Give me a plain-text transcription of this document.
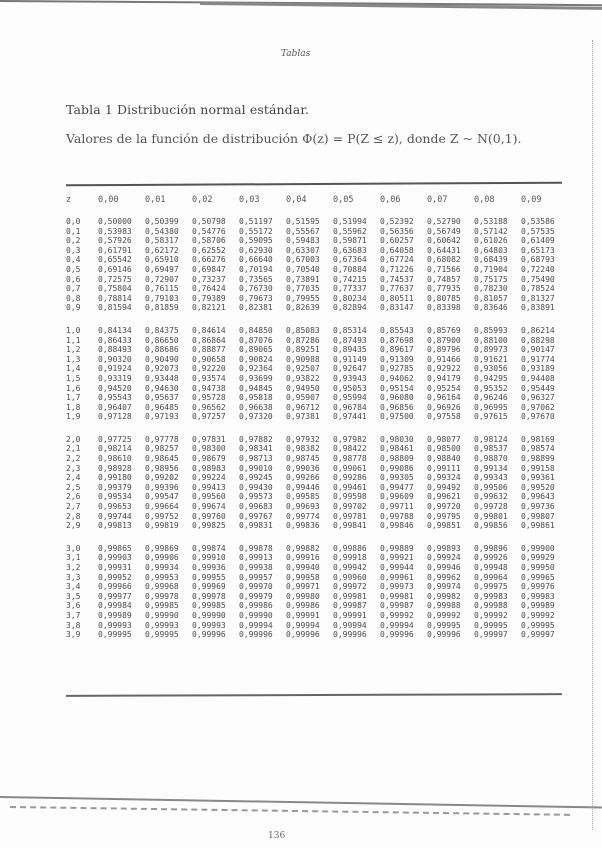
Tablas
Tabla 1 Distribución normal estándar.
Valores de la función de distribución Φ(z) = P(Z ≤ z), donde Z ~ N(0,1).
z	0,00	0,01	0,02	0,03	0,04	0,05	0,06	0,07	0,08	0,09

0,0	0,50000	0,50399	0,50798	0,51197	0,51595	0,51994	0,52392	0,52790	0,53188	0,53586
0,1	0,53983	0,54380	0,54776	0,55172	0,55567	0,55962	0,56356	0,56749	0,57142	0,57535
0,2	0,57926	0,58317	0,58706	0,59095	0,59483	0,59871	0,60257	0,60642	0,61026	0,61409
0,3	0,61791	0,62172	0,62552	0,62930	0,63307	0,63683	0,64058	0,64431	0,64803	0,65173
0,4	0,65542	0,65910	0,66276	0,66640	0,67003	0,67364	0,67724	0,68082	0,68439	0,68793
0,5	0,69146	0,69497	0,69847	0,70194	0,70540	0,70884	0,71226	0,71566	0,71904	0,72240
0,6	0,72575	0,72907	0,73237	0,73565	0,73891	0,74215	0,74537	0,74857	0,75175	0,75490
0,7	0,75804	0,76115	0,76424	0,76730	0,77035	0,77337	0,77637	0,77935	0,78230	0,78524
0,8	0,78814	0,79103	0,79389	0,79673	0,79955	0,80234	0,80511	0,80785	0,81057	0,81327
0,9	0,81594	0,81859	0,82121	0,82381	0,82639	0,82894	0,83147	0,83398	0,83646	0,83891

1,0	0,84134	0,84375	0,84614	0,84850	0,85083	0,85314	0,85543	0,85769	0,85993	0,86214
1,1	0,86433	0,86650	0,86864	0,87076	0,87286	0,87493	0,87698	0,87900	0,88100	0,88298
1,2	0,88493	0,88686	0,88877	0,89065	0,89251	0,89435	0,89617	0,89796	0,89973	0,90147
1,3	0,90320	0,90490	0,90658	0,90824	0,90988	0,91149	0,91309	0,91466	0,91621	0,91774
1,4	0,91924	0,92073	0,92220	0,92364	0,92507	0,92647	0,92785	0,92922	0,93056	0,93189
1,5	0,93319	0,93448	0,93574	0,93699	0,93822	0,93943	0,94062	0,94179	0,94295	0,94408
1,6	0,94520	0,94630	0,94738	0,94845	0,94950	0,95053	0,95154	0,95254	0,95352	0,95449
1,7	0,95543	0,95637	0,95728	0,95818	0,95907	0,95994	0,96080	0,96164	0,96246	0,96327
1,8	0,96407	0,96485	0,96562	0,96638	0,96712	0,96784	0,96856	0,96926	0,96995	0,97062
1,9	0,97128	0,97193	0,97257	0,97320	0,97381	0,97441	0,97500	0,97558	0,97615	0,97670

2,0	0,97725	0,97778	0,97831	0,97882	0,97932	0,97982	0,98030	0,98077	0,98124	0,98169
2,1	0,98214	0,98257	0,98300	0,98341	0,98382	0,98422	0,98461	0,98500	0,98537	0,98574
2,2	0,98610	0,98645	0,98679	0,98713	0,98745	0,98778	0,98809	0,98840	0,98870	0,98899
2,3	0,98928	0,98956	0,98983	0,99010	0,99036	0,99061	0,99086	0,99111	0,99134	0,99158
2,4	0,99180	0,99202	0,99224	0,99245	0,99266	0,99286	0,99305	0,99324	0,99343	0,99361
2,5	0,99379	0,99396	0,99413	0,99430	0,99446	0,99461	0,99477	0,99492	0,99506	0,99520
2,6	0,99534	0,99547	0,99560	0,99573	0,99585	0,99598	0,99609	0,99621	0,99632	0,99643
2,7	0,99653	0,99664	0,99674	0,99683	0,99693	0,99702	0,99711	0,99720	0,99728	0,99736
2,8	0,99744	0,99752	0,99760	0,99767	0,99774	0,99781	0,99788	0,99795	0,99801	0,99807
2,9	0,99813	0,99819	0,99825	0,99831	0,99836	0,99841	0,99846	0,99851	0,99856	0,99861

3,0	0,99865	0,99869	0,99874	0,99878	0,99882	0,99886	0,99889	0,99893	0,99896	0,99900
3,1	0,99903	0,99906	0,99910	0,99913	0,99916	0,99918	0,99921	0,99924	0,99926	0,99929
3,2	0,99931	0,99934	0,99936	0,99938	0,99940	0,99942	0,99944	0,99946	0,99948	0,99950
3,3	0,99952	0,99953	0,99955	0,99957	0,99958	0,99960	0,99961	0,99962	0,99964	0,99965
3,4	0,99966	0,99968	0,99969	0,99970	0,99971	0,99972	0,99973	0,99974	0,99975	0,99976
3,5	0,99977	0,99978	0,99978	0,99979	0,99980	0,99981	0,99981	0,99982	0,99983	0,99983
3,6	0,99984	0,99985	0,99985	0,99986	0,99986	0,99987	0,99987	0,99988	0,99988	0,99989
3,7	0,99989	0,99990	0,99990	0,99990	0,99991	0,99991	0,99992	0,99992	0,99992	0,99992
3,8	0,99993	0,99993	0,99993	0,99994	0,99994	0,99994	0,99994	0,99995	0,99995	0,99995
3,9	0,99995	0,99995	0,99996	0,99996	0,99996	0,99996	0,99996	0,99996	0,99997	0,99997
136
